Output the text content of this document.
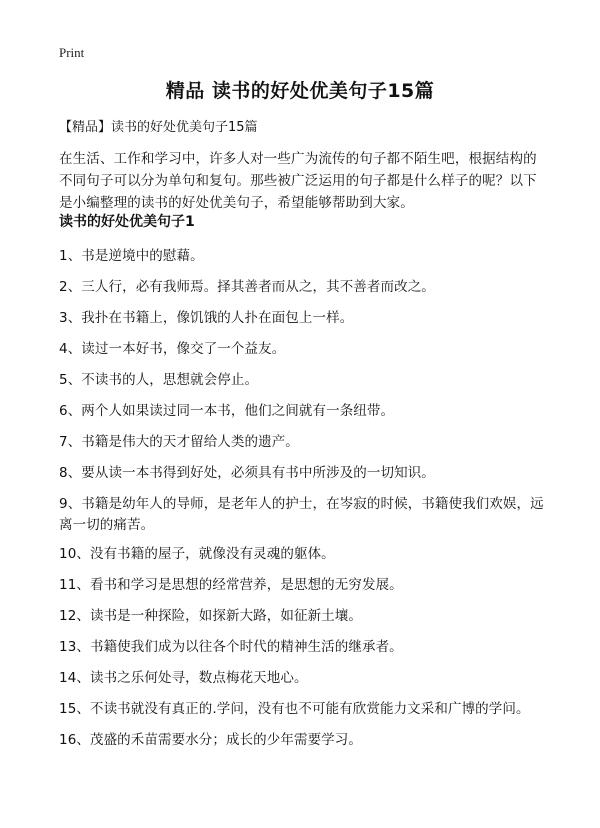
Print
精品 读书的好处优美句子15篇
【精品】读书的好处优美句子15篇
在生活、工作和学习中，许多人对一些广为流传的句子都不陌生吧，根据结构的不同句子可以分为单句和复句。那些被广泛运用的句子都是什么样子的呢？以下是小编整理的读书的好处优美句子，希望能够帮助到大家。
读书的好处优美句子1
1、书是逆境中的慰藉。
2、三人行，必有我师焉。择其善者而从之，其不善者而改之。
3、我扑在书籍上，像饥饿的人扑在面包上一样。
4、读过一本好书，像交了一个益友。
5、不读书的人，思想就会停止。
6、两个人如果读过同一本书，他们之间就有一条纽带。
7、书籍是伟大的天才留给人类的遗产。
8、要从读一本书得到好处，必须具有书中所涉及的一切知识。
9、书籍是幼年人的导师，是老年人的护士，在岑寂的时候，书籍使我们欢娱，远离一切的痛苦。
10、没有书籍的屋子，就像没有灵魂的躯体。
11、看书和学习是思想的经常营养，是思想的无穷发展。
12、读书是一种探险，如探新大路，如征新土壤。
13、书籍使我们成为以往各个时代的精神生活的继承者。
14、读书之乐何处寻，数点梅花天地心。
15、不读书就没有真正的.学问，没有也不可能有欣赏能力文采和广博的学问。
16、茂盛的禾苗需要水分；成长的少年需要学习。
